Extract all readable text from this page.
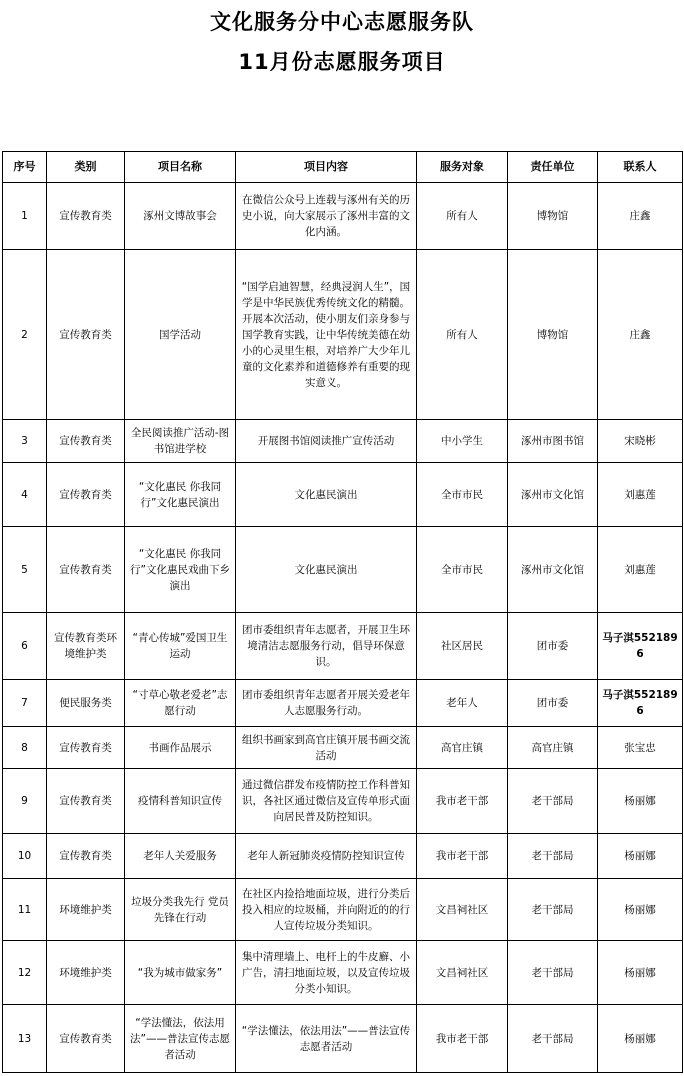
文化服务分中心志愿服务队
11月份志愿服务项目
序号	类别	项目名称	项目内容	服务对象	责任单位	联系人
1	宣传教育类	涿州文博故事会	在微信公众号上连载与涿州有关的历史小说，向大家展示了涿州丰富的文化内涵。	所有人	博物馆	庄鑫
2	宣传教育类	国学活动	“国学启迪智慧，经典浸润人生”，国学是中华民族优秀传统文化的精髓。开展本次活动，使小朋友们亲身参与国学教育实践，让中华传统美德在幼小的心灵里生根，对培养广大少年儿童的文化素养和道德修养有重要的现实意义。	所有人	博物馆	庄鑫
3	宣传教育类	全民阅读推广活动-图书馆进学校	开展图书馆阅读推广宣传活动	中小学生	涿州市图书馆	宋晓彬
4	宣传教育类	“文化惠民 你我同行”文化惠民演出	文化惠民演出	全市市民	涿州市文化馆	刘惠莲
5	宣传教育类	“文化惠民 你我同行”文化惠民戏曲下乡演出	文化惠民演出	全市市民	涿州市文化馆	刘惠莲
6	宣传教育类环境维护类	“青心传城”爱国卫生运动	团市委组织青年志愿者，开展卫生环境清洁志愿服务行动，倡导环保意识。	社区居民	团市委	马子淇5521896
7	便民服务类	“寸草心敬老爱老”志愿行动	团市委组织青年志愿者开展关爱老年人志愿服务行动。	老年人	团市委	马子淇5521896
8	宣传教育类	书画作品展示	组织书画家到高官庄镇开展书画交流活动	高官庄镇	高官庄镇	张宝忠
9	宣传教育类	疫情科普知识宣传	通过微信群发布疫情防控工作科普知识，各社区通过微信及宣传单形式面向居民普及防控知识。	我市老干部	老干部局	杨丽娜
10	宣传教育类	老年人关爱服务	老年人新冠肺炎疫情防控知识宣传	我市老干部	老干部局	杨丽娜
11	环境维护类	垃圾分类我先行 党员先锋在行动	在社区内捡拾地面垃圾，进行分类后投入相应的垃圾桶，并向附近的的行人宣传垃圾分类知识。	文昌祠社区	老干部局	杨丽娜
12	环境维护类	“我为城市做家务”	集中清理墙上、电杆上的牛皮廯、小广告，清扫地面垃圾，以及宣传垃圾分类小知识。	文昌祠社区	老干部局	杨丽娜
13	宣传教育类	“学法懂法，依法用法”——普法宣传志愿者活动	“学法懂法，依法用法”——普法宣传志愿者活动	我市老干部	老干部局	杨丽娜
